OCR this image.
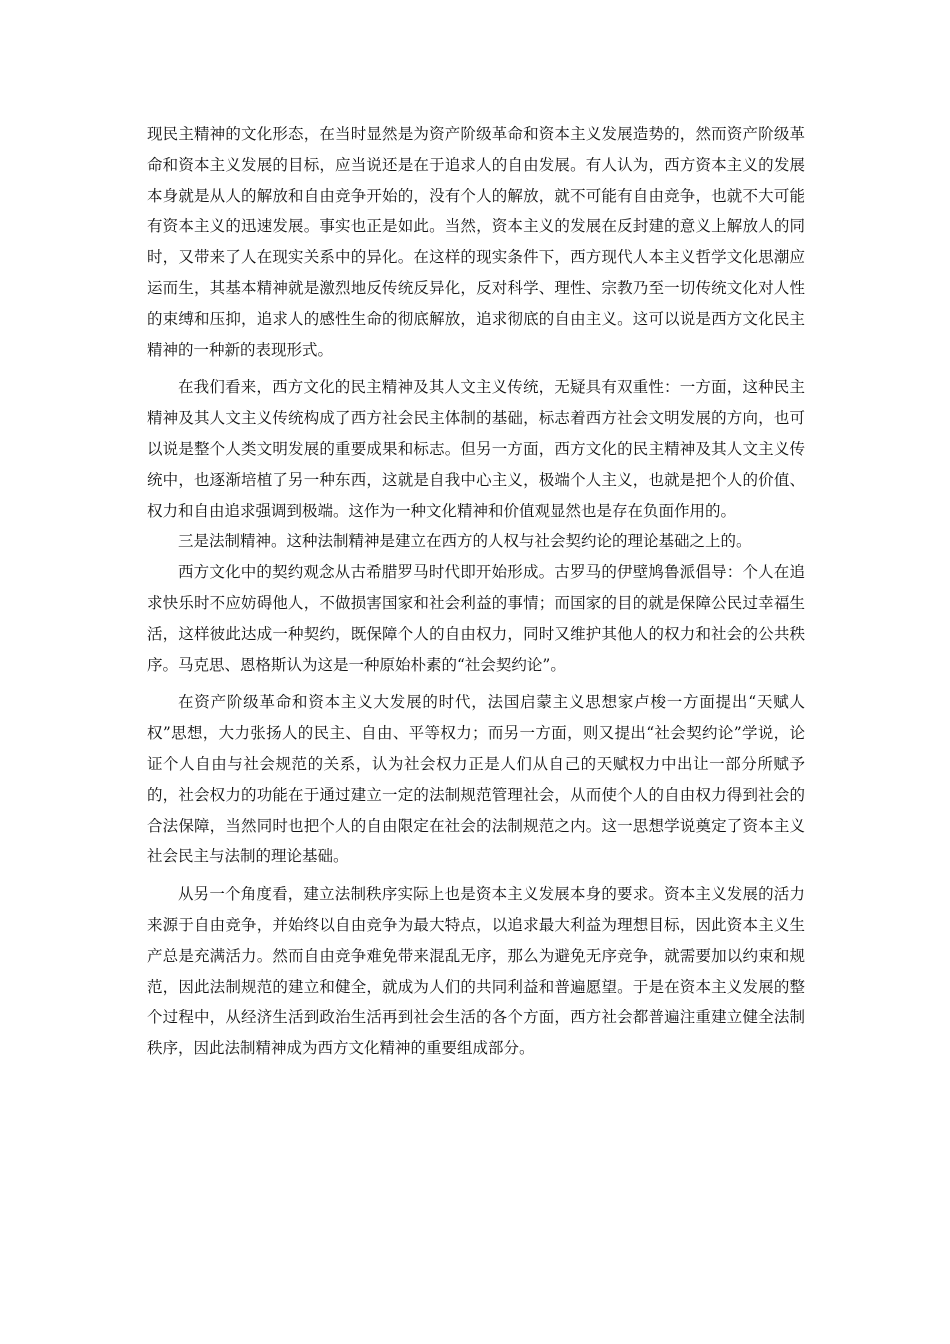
现民主精神的文化形态，在当时显然是为资产阶级革命和资本主义发展造势的，然而资产阶级革命和资本主义发展的目标，应当说还是在于追求人的自由发展。有人认为，西方资本主义的发展本身就是从人的解放和自由竞争开始的，没有个人的解放，就不可能有自由竞争，也就不大可能有资本主义的迅速发展。事实也正是如此。当然，资本主义的发展在反封建的意义上解放人的同时，又带来了人在现实关系中的异化。在这样的现实条件下，西方现代人本主义哲学文化思潮应运而生，其基本精神就是激烈地反传统反异化，反对科学、理性、宗教乃至一切传统文化对人性的束缚和压抑，追求人的感性生命的彻底解放，追求彻底的自由主义。这可以说是西方文化民主精神的一种新的表现形式。

在我们看来，西方文化的民主精神及其人文主义传统，无疑具有双重性：一方面，这种民主精神及其人文主义传统构成了西方社会民主体制的基础，标志着西方社会文明发展的方向，也可以说是整个人类文明发展的重要成果和标志。但另一方面，西方文化的民主精神及其人文主义传统中，也逐渐培植了另一种东西，这就是自我中心主义，极端个人主义，也就是把个人的价值、权力和自由追求强调到极端。这作为一种文化精神和价值观显然也是存在负面作用的。

三是法制精神。这种法制精神是建立在西方的人权与社会契约论的理论基础之上的。

西方文化中的契约观念从古希腊罗马时代即开始形成。古罗马的伊壁鸠鲁派倡导：个人在追求快乐时不应妨碍他人，不做损害国家和社会利益的事情；而国家的目的就是保障公民过幸福生活，这样彼此达成一种契约，既保障个人的自由权力，同时又维护其他人的权力和社会的公共秩序。马克思、恩格斯认为这是一种原始朴素的“社会契约论”。

在资产阶级革命和资本主义大发展的时代，法国启蒙主义思想家卢梭一方面提出“天赋人权”思想，大力张扬人的民主、自由、平等权力；而另一方面，则又提出“社会契约论”学说，论证个人自由与社会规范的关系，认为社会权力正是人们从自己的天赋权力中出让一部分所赋予的，社会权力的功能在于通过建立一定的法制规范管理社会，从而使个人的自由权力得到社会的合法保障，当然同时也把个人的自由限定在社会的法制规范之内。这一思想学说奠定了资本主义社会民主与法制的理论基础。

从另一个角度看，建立法制秩序实际上也是资本主义发展本身的要求。资本主义发展的活力来源于自由竞争，并始终以自由竞争为最大特点，以追求最大利益为理想目标，因此资本主义生产总是充满活力。然而自由竞争难免带来混乱无序，那么为避免无序竞争，就需要加以约束和规范，因此法制规范的建立和健全，就成为人们的共同利益和普遍愿望。于是在资本主义发展的整个过程中，从经济生活到政治生活再到社会生活的各个方面，西方社会都普遍注重建立健全法制秩序，因此法制精神成为西方文化精神的重要组成部分。
